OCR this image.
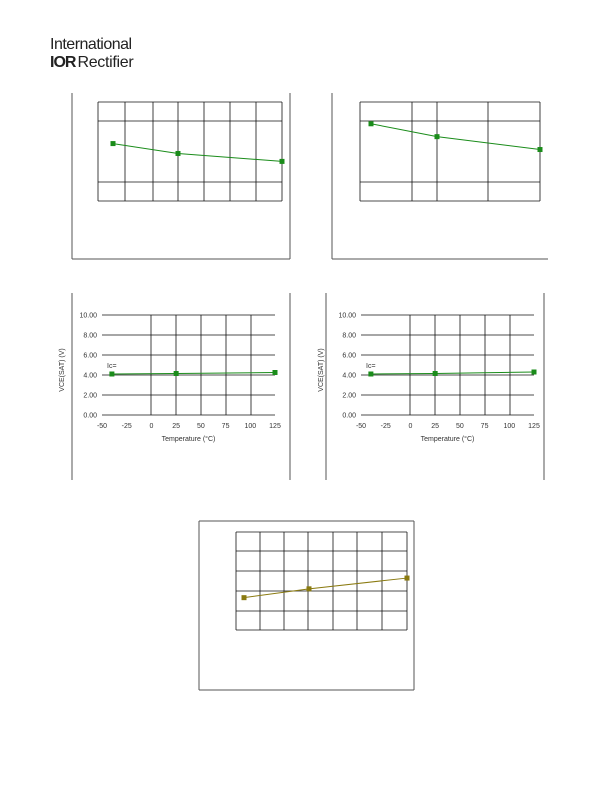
International
IOR Rectifier
10.00
8.00
6.00
4.00
2.00
0.00
-50 -25	0	25 50 75 100 125
Temperature (°C)
VCE(SAT) (V)	Ic=
10.00
8.00
6.00
4.00
2.00
0.00
-50 -25	0	25 50 75 100 125
Temperature (°C)
VCE(SAT) (V)	Ic=
